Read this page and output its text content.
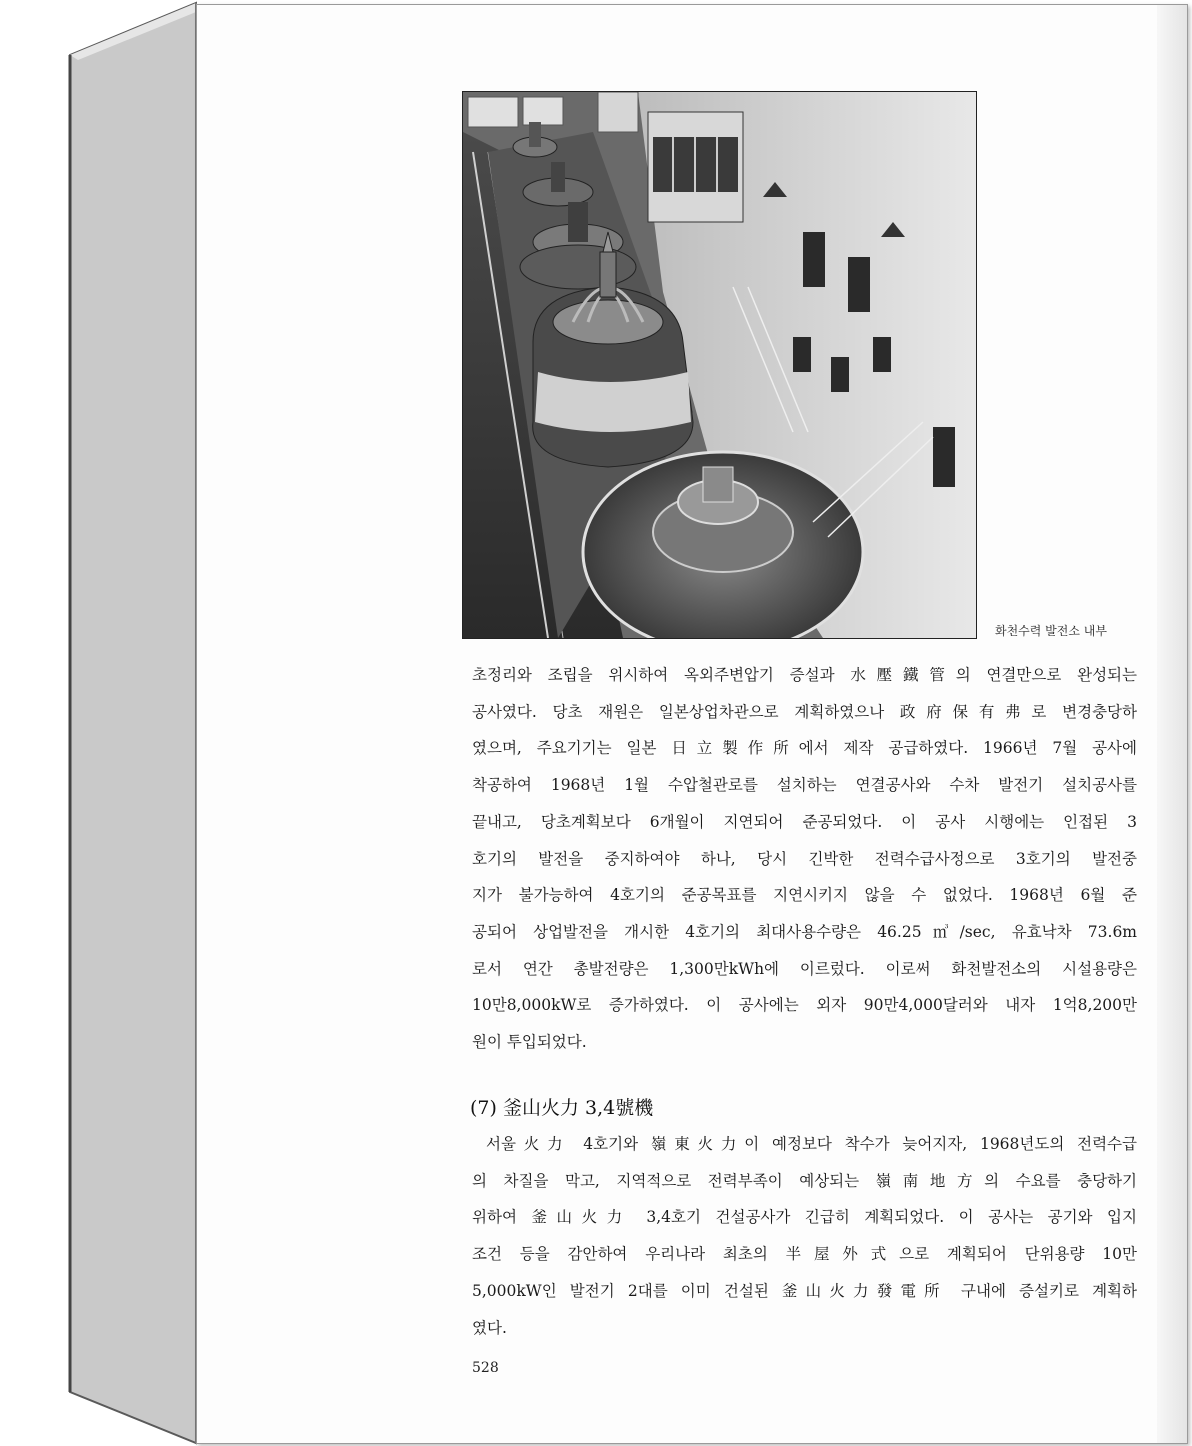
화천수력 발전소 내부
초정리와 조립을 위시하여 옥외주변압기 증설과 水壓鐵管의 연결만으로 완성되는
공사였다. 당초 재원은 일본상업차관으로 계획하였으나 政府保有弗로 변경충당하
였으며, 주요기기는 일본 日立製作所에서 제작 공급하였다. 1966년 7월 공사에
착공하여 1968년 1월 수압철관로를 설치하는 연결공사와 수차 발전기 설치공사를
끝내고, 당초계획보다 6개월이 지연되어 준공되었다. 이 공사 시행에는 인접된 3
호기의 발전을 중지하여야 하나, 당시 긴박한 전력수급사정으로 3호기의 발전중
지가 불가능하여 4호기의 준공목표를 지연시키지 않을 수 없었다. 1968년 6월 준
공되어 상업발전을 개시한 4호기의 최대사용수량은 46.25㎥/sec, 유효낙차 73.6m
로서 연간 총발전량은 1,300만kWh에 이르렀다. 이로써 화천발전소의 시설용량은
10만8,000kW로 증가하였다. 이 공사에는 외자 90만4,000달러와 내자 1억8,200만
원이 투입되었다.
(7) 釜山火力 3,4號機
서울火力 4호기와 嶺東火力이 예정보다 착수가 늦어지자, 1968년도의 전력수급
의 차질을 막고, 지역적으로 전력부족이 예상되는 嶺南地方의 수요를 충당하기
위하여 釜山火力 3,4호기 건설공사가 긴급히 계획되었다. 이 공사는 공기와 입지
조건 등을 감안하여 우리나라 최초의 半屋外式으로 계획되어 단위용량 10만
5,000kW인 발전기 2대를 이미 건설된 釜山火力發電所 구내에 증설키로 계획하
였다.
528
